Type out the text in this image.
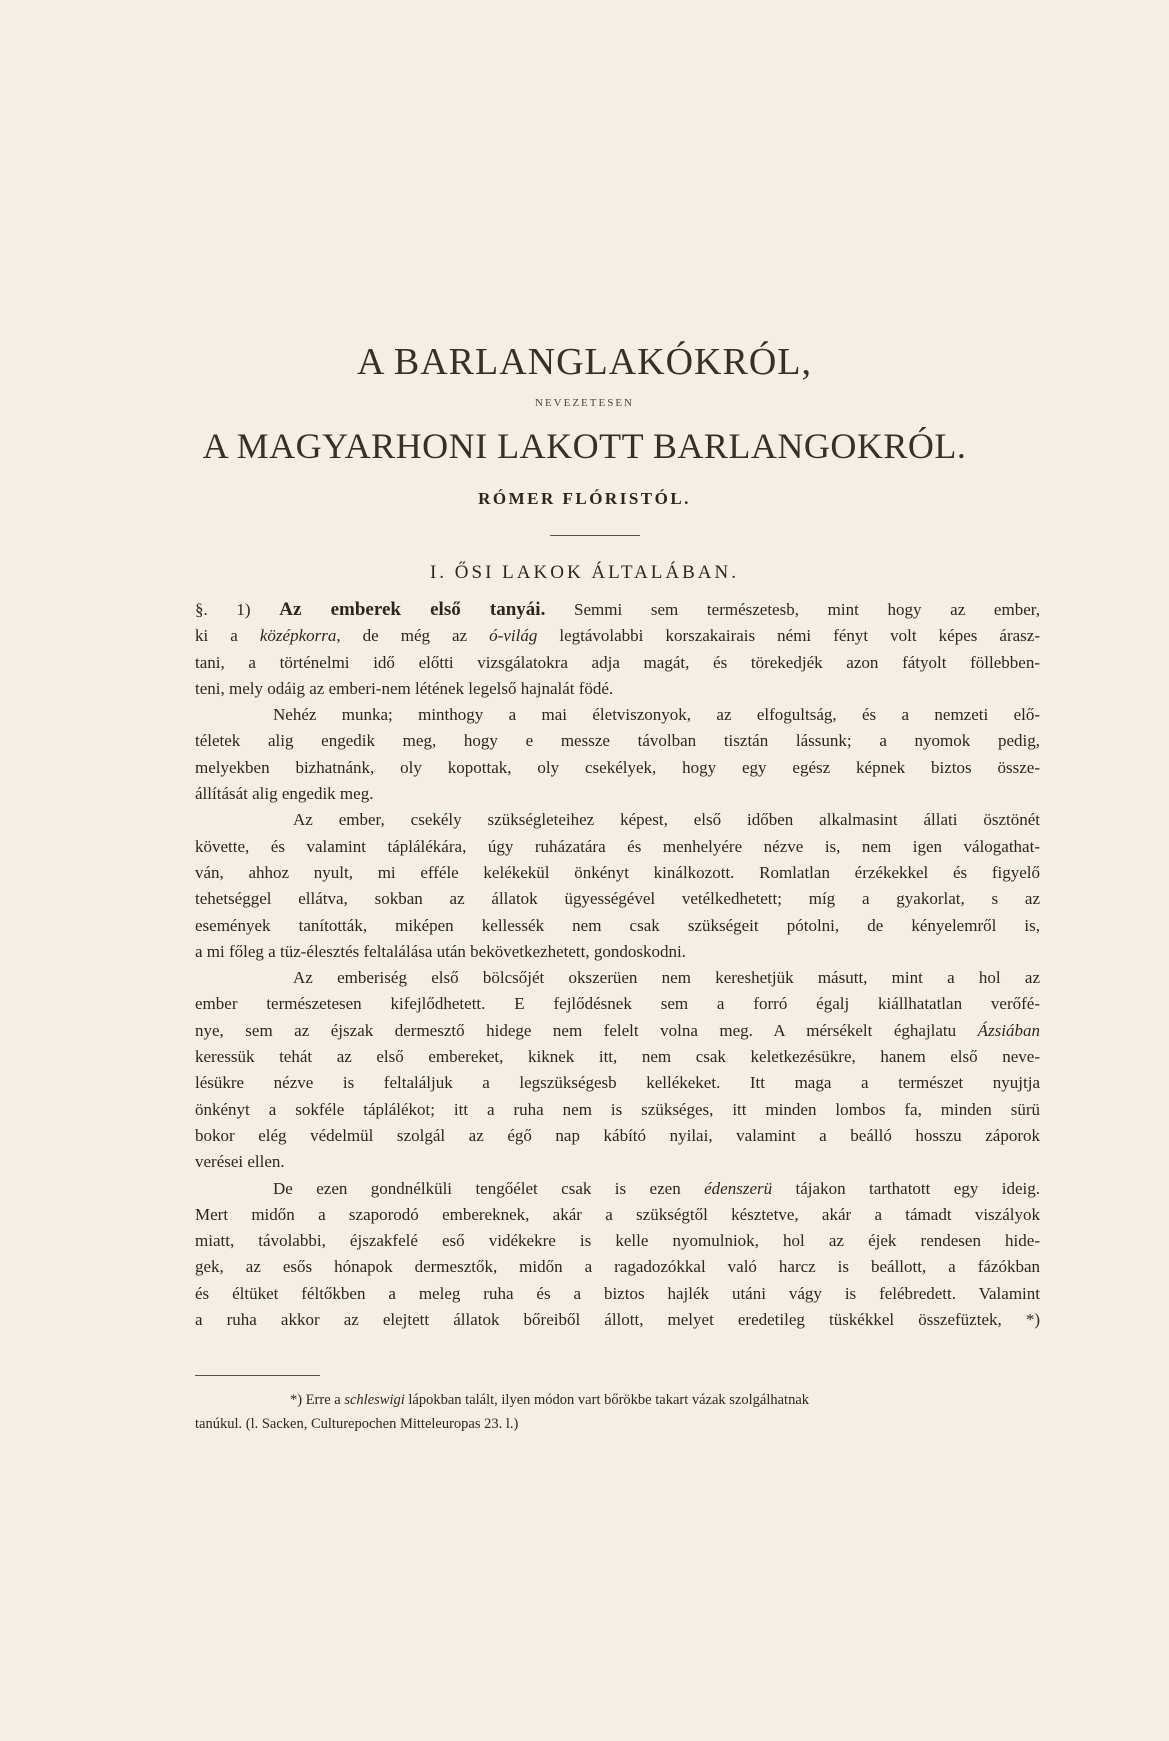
A BARLANGLAKÓKRÓL,
NEVEZETESEN
A MAGYARHONI LAKOTT BARLANGOKRÓL.
RÓMER FLÓRISTÓL.
I. ŐSI LAKOK ÁLTALÁBAN.
§. 1) Az emberek első tanyái. Semmi sem természetesb, mint hogy az ember,
ki a középkorra, de még az ó-világ legtávolabbi korszakairais némi fényt volt képes árasz-
tani, a történelmi idő előtti vizsgálatokra adja magát, és törekedjék azon fátyolt föllebben-
teni, mely odáig az emberi-nem létének legelső hajnalát födé.
Nehéz munka; minthogy a mai életviszonyok, az elfogultság, és a nemzeti elő-
téletek alig engedik meg, hogy e messze távolban tisztán lássunk; a nyomok pedig,
melyekben bizhatnánk, oly kopottak, oly csekélyek, hogy egy egész képnek biztos össze-
állítását alig engedik meg.
Az ember, csekély szükségleteihez képest, első időben alkalmasint állati ösztönét
követte, és valamint táplálékára, úgy ruházatára és menhelyére nézve is, nem igen válogathat-
ván, ahhoz nyult, mi efféle kelékekül önkényt kinálkozott. Romlatlan érzékekkel és figyelő
tehetséggel ellátva, sokban az állatok ügyességével vetélkedhetett; míg a gyakorlat, s az
események tanították, miképen kellessék nem csak szükségeit pótolni, de kényelemről is,
a mi főleg a tüz-élesztés feltalálása után bekövetkezhetett, gondoskodni.
Az emberiség első bölcsőjét okszerüen nem kereshetjük másutt, mint a hol az
ember természetesen kifejlődhetett. E fejlődésnek sem a forró égalj kiállhatatlan verőfé-
nye, sem az éjszak dermesztő hidege nem felelt volna meg. A mérsékelt éghajlatu Ázsiában
keressük tehát az első embereket, kiknek itt, nem csak keletkezésükre, hanem első neve-
lésükre nézve is feltaláljuk a legszükségesb kellékeket. Itt maga a természet nyujtja
önkényt a sokféle táplálékot; itt a ruha nem is szükséges, itt minden lombos fa, minden sürü
bokor elég védelmül szolgál az égő nap kábító nyilai, valamint a beálló hosszu záporok
verései ellen.
De ezen gondnélküli tengőélet csak is ezen édenszerü tájakon tarthatott egy ideig.
Mert midőn a szaporodó embereknek, akár a szükségtől késztetve, akár a támadt viszályok
miatt, távolabbi, éjszakfelé eső vidékekre is kelle nyomulniok, hol az éjek rendesen hide-
gek, az esős hónapok dermesztők, midőn a ragadozókkal való harcz is beállott, a fázókban
és éltüket féltőkben a meleg ruha és a biztos hajlék utáni vágy is felébredett. Valamint
a ruha akkor az elejtett állatok bőreiből állott, melyet eredetileg tüskékkel összefüztek, *)
*) Erre a schleswigi lápokban talált, ilyen módon vart bőrökbe takart vázak szolgálhatnak
tanúkul. (l. Sacken, Culturepochen Mitteleuropas 23. l.)
